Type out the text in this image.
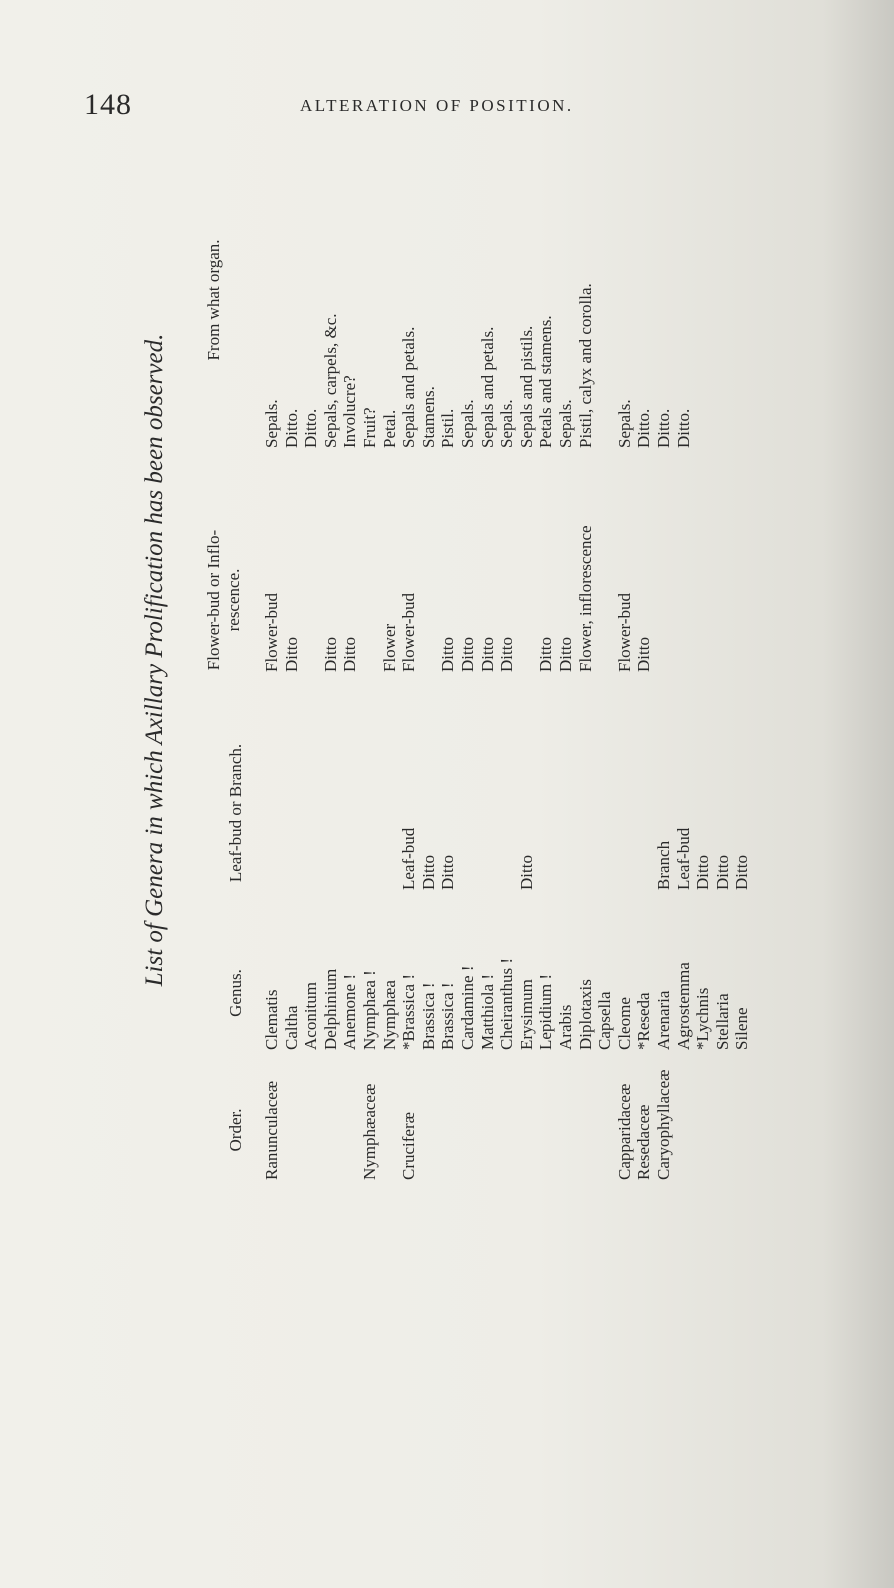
148	ALTERATION OF POSITION.
List of Genera in which Axillary Prolification has been observed.
Order.
Genus.
Leaf-bud or Branch.
Flower-bud or Inflo- rescence.
From what organ.
Ranunculaceæ
Clematis
Flower-bud
Sepals.
Caltha
Ditto
Ditto.
Aconitum
Ditto.
Delphinium
Ditto
Sepals, carpels, &c.
Anemone !
Ditto
Involucre?
Nymphæaceæ
Nymphæa !
Fruit?
Nymphæa
Flower
Petal.
Cruciferæ
*Brassica !
Leaf-bud
Flower-bud
Sepals and petals.
Brassica !
Ditto
Stamens.
Brassica !
Ditto
Ditto
Pistil.
Cardamine !
Ditto
Sepals.
Matthiola !
Ditto
Sepals and petals.
Cheiranthus !
Ditto
Sepals.
Erysimum
Ditto
Sepals and pistils.
Lepidium !
Ditto
Petals and stamens.
Arabis
Ditto
Sepals.
Diplotaxis
Flower, inflorescence
Pistil, calyx and corolla.
Capsella
Capparidaceæ
Cleome
Flower-bud
Sepals.
Resedaceæ
*Reseda
Ditto
Ditto.
Caryophyllaceæ
Arenaria
Branch
Ditto.
Agrostemma
Leaf-bud
Ditto.
*Lychnis
Ditto
Stellaria
Ditto
Silene
Ditto
